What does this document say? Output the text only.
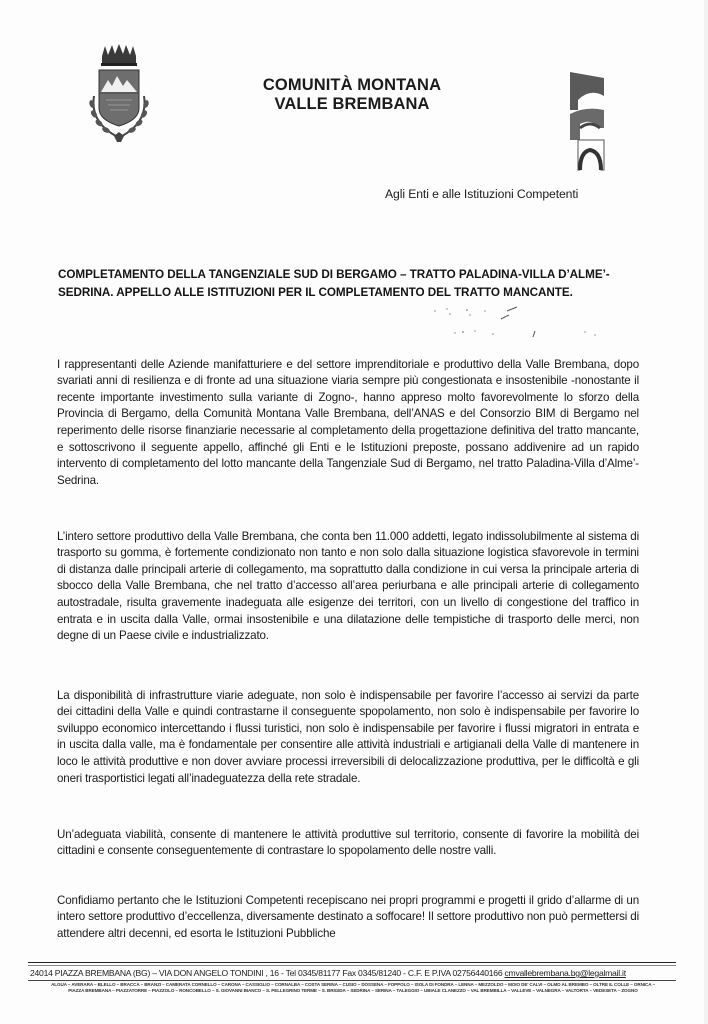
COMUNITÀ MONTANA
VALLE BREMBANA
Agli Enti e alle Istituzioni Competenti
COMPLETAMENTO DELLA TANGENZIALE SUD DI BERGAMO – TRATTO PALADINA-VILLA D’ALME’-
SEDRINA. APPELLO ALLE ISTITUZIONI PER IL COMPLETAMENTO DEL TRATTO MANCANTE.

I rappresentanti delle Aziende manifatturiere e del settore imprenditoriale e produttivo della Valle Brembana, dopo svariati anni di resilienza e di fronte ad una situazione viaria sempre più congestionata e insostenibile -nonostante il recente importante investimento sulla variante di Zogno-, hanno appreso molto favorevolmente lo sforzo della Provincia di Bergamo, della Comunità Montana Valle Brembana, dell’ANAS e del Consorzio BIM di Bergamo nel reperimento delle risorse finanziarie necessarie al completamento della progettazione definitiva del tratto mancante, e sottoscrivono il seguente appello, affinché gli Enti e le Istituzioni preposte, possano addivenire ad un rapido intervento di completamento del lotto mancante della Tangenziale Sud di Bergamo, nel tratto Paladina-Villa d’Alme’-Sedrina.

L’intero settore produttivo della Valle Brembana, che conta ben 11.000 addetti, legato indissolubilmente al sistema di trasporto su gomma, è fortemente condizionato non tanto e non solo dalla situazione logistica sfavorevole in termini di distanza dalle principali arterie di collegamento, ma soprattutto dalla condizione in cui versa la principale arteria di sbocco della Valle Brembana, che nel tratto d’accesso all’area periurbana e alle principali arterie di collegamento autostradale, risulta gravemente inadeguata alle esigenze dei territori, con un livello di congestione del traffico in entrata e in uscita dalla Valle, ormai insostenibile e una dilatazione delle tempistiche di trasporto delle merci, non degne di un Paese civile e industrializzato.

La disponibilità di infrastrutture viarie adeguate, non solo è indispensabile per favorire l’accesso ai servizi da parte dei cittadini della Valle e quindi contrastarne il conseguente spopolamento, non solo è indispensabile per favorire lo sviluppo economico intercettando i flussi turistici, non solo è indispensabile per favorire i flussi migratori in entrata e in uscita dalla valle, ma è fondamentale per consentire alle attività industriali e artigianali della Valle di mantenere in loco le attività produttive e non dover avviare processi irreversibili di delocalizzazione produttiva, per le difficoltà e gli oneri trasportistici legati all’inadeguatezza della rete stradale.

Un’adeguata viabilità, consente di mantenere le attività produttive sul territorio, consente di favorire la mobilità dei cittadini e consente conseguentemente di contrastare lo spopolamento delle nostre valli.

Confidiamo pertanto che le Istituzioni Competenti recepiscano nei propri programmi e progetti il grido d’allarme di un intero settore produttivo d’eccellenza, diversamente destinato a soffocare! Il settore produttivo non può permettersi di attendere altri decenni, ed esorta le Istituzioni Pubbliche

24014 PIAZZA BREMBANA (BG) – VIA DON ANGELO TONDINI , 16 - Tel 0345/81177 Fax 0345/81240 - C.F. E P.IVA 02756440166 cmvallebrembana.bg@legalmail.it
ALGUA – AVERARA – BLELLO – BRACCA – BRANZI – CAMERATA CORNELLO – CARONA – CASSIGLIO – CORNALBA – COSTA SERINA – CUSIO – DOSSENA – FOPPOLO – ISOLA DI FONDRA – LENNA – MEZZOLDO – MOIO DE’ CALVI – OLMO AL BREMBO – OLTRE IL COLLE – ORNICA –
PIAZZA BREMBANA – PIAZZATORRE – PIAZZOLO – RONCOBELLO – S. GIOVANNI BIANCO – S. PELLEGRINO TERME – S. BRIGIDA – SEDRINA – SERINA – TALEGGIO – UBIALE CLANEZZO – VAL BREMBILLA – VALLEVE – VALNEGRA – VALTORTA – VEDESETA – ZOGNO
